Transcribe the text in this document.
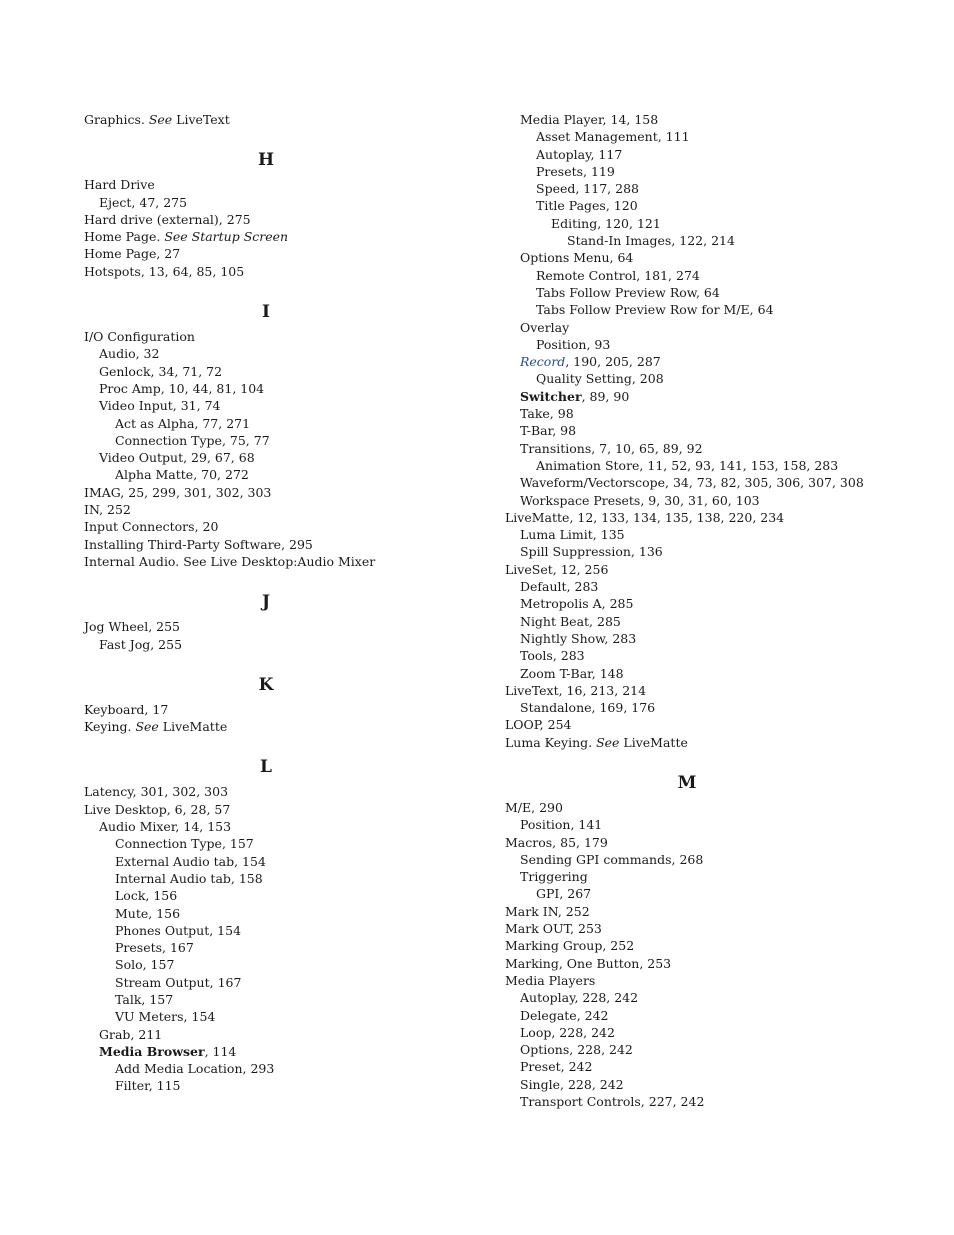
Graphics. See LiveText
H
Hard Drive
Eject, 47, 275
Hard drive (external), 275
Home Page. See Startup Screen
Home Page, 27
Hotspots, 13, 64, 85, 105
I
I/O Configuration
Audio, 32
Genlock, 34, 71, 72
Proc Amp, 10, 44, 81, 104
Video Input, 31, 74
Act as Alpha, 77, 271
Connection Type, 75, 77
Video Output, 29, 67, 68
Alpha Matte, 70, 272
IMAG, 25, 299, 301, 302, 303
IN, 252
Input Connectors, 20
Installing Third-Party Software, 295
Internal Audio. See Live Desktop:Audio Mixer
J
Jog Wheel, 255
Fast Jog, 255
K
Keyboard, 17
Keying. See LiveMatte
L
Latency, 301, 302, 303
Live Desktop, 6, 28, 57
Audio Mixer, 14, 153
Connection Type, 157
External Audio tab, 154
Internal Audio tab, 158
Lock, 156
Mute, 156
Phones Output, 154
Presets, 167
Solo, 157
Stream Output, 167
Talk, 157
VU Meters, 154
Grab, 211
Media Browser, 114
Add Media Location, 293
Filter, 115
Media Player, 14, 158
Asset Management, 111
Autoplay, 117
Presets, 119
Speed, 117, 288
Title Pages, 120
Editing, 120, 121
Stand-In Images, 122, 214
Options Menu, 64
Remote Control, 181, 274
Tabs Follow Preview Row, 64
Tabs Follow Preview Row for M/E, 64
Overlay
Position, 93
Record, 190, 205, 287
Quality Setting, 208
Switcher, 89, 90
Take, 98
T-Bar, 98
Transitions, 7, 10, 65, 89, 92
Animation Store, 11, 52, 93, 141, 153, 158, 283
Waveform/Vectorscope, 34, 73, 82, 305, 306, 307, 308
Workspace Presets, 9, 30, 31, 60, 103
LiveMatte, 12, 133, 134, 135, 138, 220, 234
Luma Limit, 135
Spill Suppression, 136
LiveSet, 12, 256
Default, 283
Metropolis A, 285
Night Beat, 285
Nightly Show, 283
Tools, 283
Zoom T-Bar, 148
LiveText, 16, 213, 214
Standalone, 169, 176
LOOP, 254
Luma Keying. See LiveMatte
M
M/E, 290
Position, 141
Macros, 85, 179
Sending GPI commands, 268
Triggering
GPI, 267
Mark IN, 252
Mark OUT, 253
Marking Group, 252
Marking, One Button, 253
Media Players
Autoplay, 228, 242
Delegate, 242
Loop, 228, 242
Options, 228, 242
Preset, 242
Single, 228, 242
Transport Controls, 227, 242
